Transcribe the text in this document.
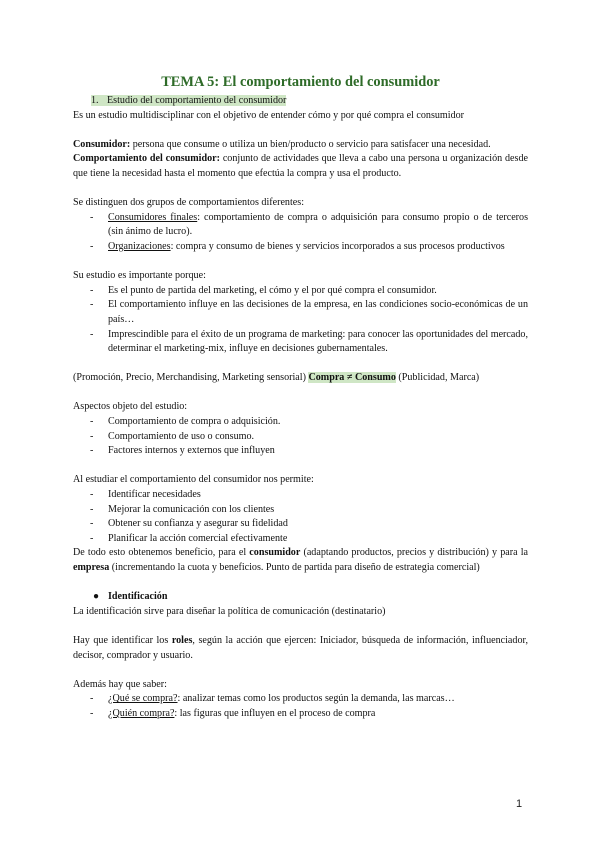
TEMA 5: El comportamiento del consumidor
1. Estudio del comportamiento del consumidor

Es un estudio multidisciplinar con el objetivo de entender cómo y por qué compra el consumidor

Consumidor: persona que consume o utiliza un bien/producto o servicio para satisfacer una necesidad.

Comportamiento del consumidor: conjunto de actividades que lleva a cabo una persona u organización desde que tiene la necesidad hasta el momento que efectúa la compra y usa el producto.

Se distinguen dos grupos de comportamientos diferentes:

- Consumidores finales: comportamiento de compra o adquisición para consumo propio o de terceros (sin ánimo de lucro).
- Organizaciones: compra y consumo de bienes y servicios incorporados a sus procesos productivos

Su estudio es importante porque:

- Es el punto de partida del marketing, el cómo y el por qué compra el consumidor.
- El comportamiento influye en las decisiones de la empresa, en las condiciones socio-económicas de un país…
- Imprescindible para el éxito de un programa de marketing: para conocer las oportunidades del mercado, determinar el marketing-mix, influye en decisiones gubernamentales.

(Promoción, Precio, Merchandising, Marketing sensorial) Compra ≠ Consumo (Publicidad, Marca)

Aspectos objeto del estudio:

- Comportamiento de compra o adquisición.
- Comportamiento de uso o consumo.
- Factores internos y externos que influyen

Al estudiar el comportamiento del consumidor nos permite:

- Identificar necesidades
- Mejorar la comunicación con los clientes
- Obtener su confianza y asegurar su fidelidad
- Planificar la acción comercial efectivamente

De todo esto obtenemos beneficio, para el consumidor (adaptando productos, precios y distribución) y para la empresa (incrementando la cuota y beneficios. Punto de partida para diseño de estrategia comercial)

● Identificación

La identificación sirve para diseñar la política de comunicación (destinatario)

Hay que identificar los roles, según la acción que ejercen: Iniciador, búsqueda de información, influenciador, decisor, comprador y usuario.

Además hay que saber:

- ¿Qué se compra?: analizar temas como los productos según la demanda, las marcas…
- ¿Quién compra?: las figuras que influyen en el proceso de compra
1
